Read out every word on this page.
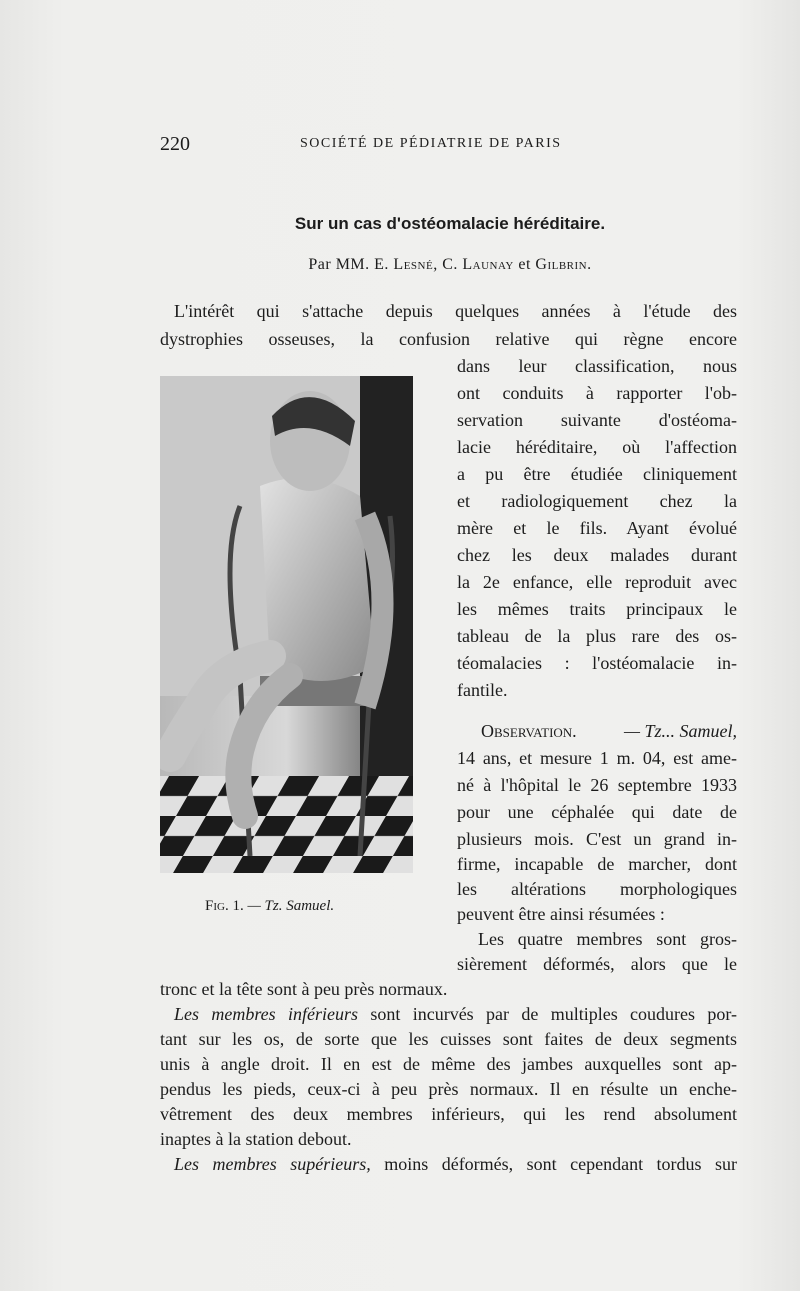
220	SOCIÉTÉ DE PÉDIATRIE DE PARIS
Sur un cas d'ostéomalacie héréditaire.
Par MM. E. Lesné, C. Launay et Gilbrin.
L'intérêt qui s'attache depuis quelques années à l'étude des
dystrophies osseuses, la confusion relative qui règne encore
dans leur classification, nous
ont conduits à rapporter l'ob-
servation suivante d'ostéoma-
lacie héréditaire, où l'affection
a pu être étudiée cliniquement
et radiologiquement chez la
mère et le fils. Ayant évolué
chez les deux malades durant
la 2e enfance, elle reproduit avec
les mêmes traits principaux le
tableau de la plus rare des os-
téomalacies : l'ostéomalacie in-
fantile.
Observation.	— Tz... Samuel,
14 ans, et mesure 1 m. 04, est ame-
né à l'hôpital le 26 septembre 1933
pour une céphalée qui date de
plusieurs mois. C'est un grand in-
firme, incapable de marcher, dont
les altérations morphologiques
peuvent être ainsi résumées :
Fig. 1. — Tz. Samuel.
Les quatre membres sont gros-
sièrement déformés, alors que le
tronc et la tête sont à peu près normaux.
Les membres inférieurs sont incurvés par de multiples coudures por-
tant sur les os, de sorte que les cuisses sont faites de deux segments
unis à angle droit. Il en est de même des jambes auxquelles sont ap-
pendus les pieds, ceux-ci à peu près normaux. Il en résulte un enche-
vêtrement des deux membres inférieurs, qui les rend absolument
inaptes à la station debout.
Les membres supérieurs, moins déformés, sont cependant tordus sur
